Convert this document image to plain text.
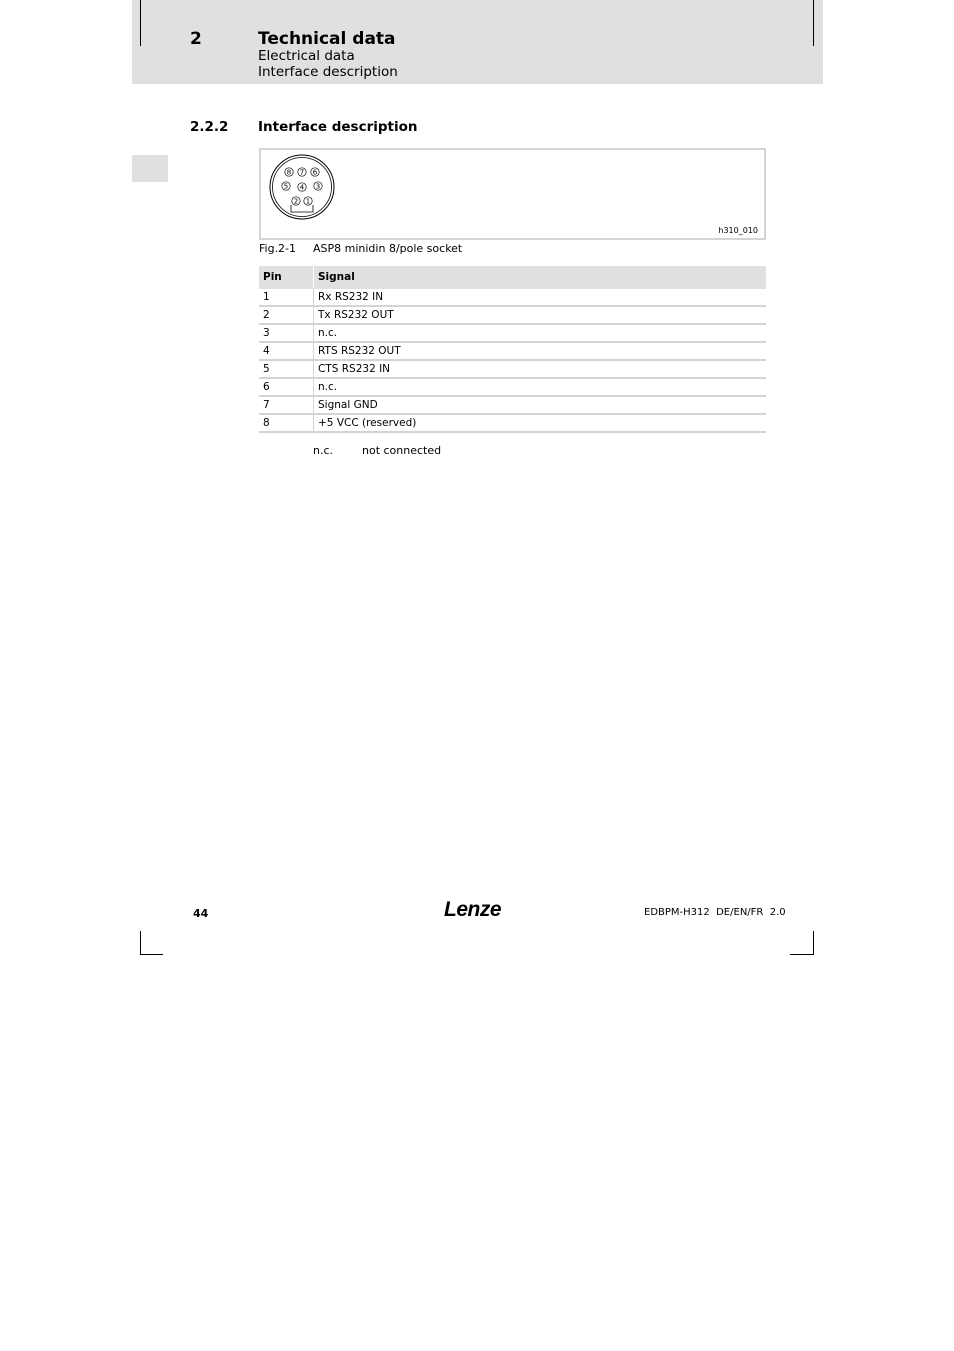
2	Technical data
Electrical data
Interface description
2.2.2 Interface description
8 7 6
5 4 3
2 1
h310_010
Fig.2-1 ASP8 minidin 8/pole socket
Pin	Signal
1	Rx RS232 IN
2	Tx RS232 OUT
3	n.c.
4	RTS RS232 OUT
5	CTS RS232 IN
6	n.c.
7	Signal GND
8	+5 VCC (reserved)
n.c.	not connected
44	Lenze	EDBPM-H312  DE/EN/FR  2.0
